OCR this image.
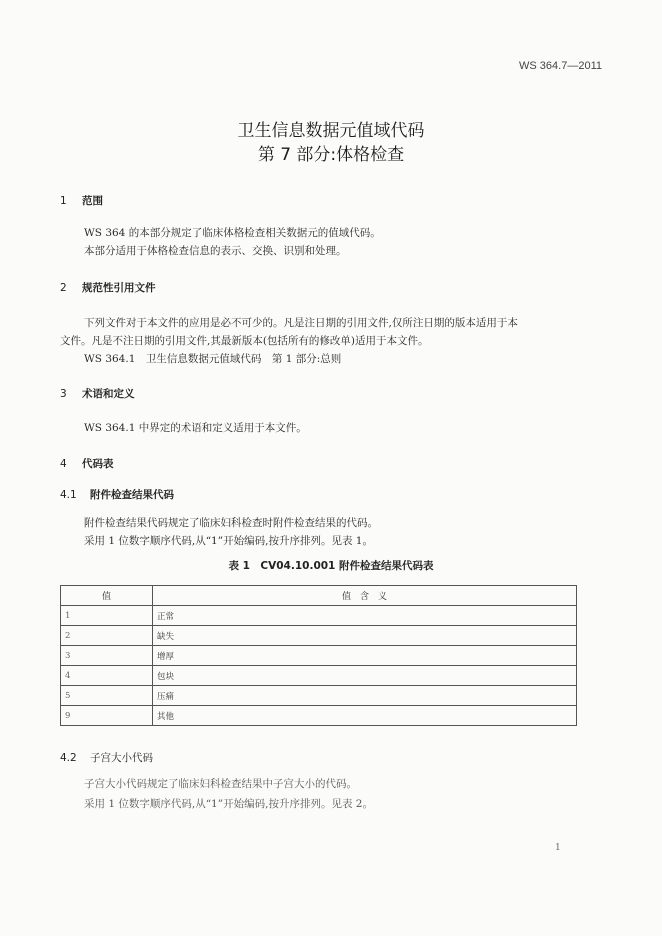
WS 364.7—2011
卫生信息数据元值域代码
第 7 部分:体格检查
1 范围
WS 364 的本部分规定了临床体格检查相关数据元的值域代码。
本部分适用于体格检查信息的表示、交换、识别和处理。
2 规范性引用文件
下列文件对于本文件的应用是必不可少的。凡是注日期的引用文件,仅所注日期的版本适用于本
文件。凡是不注日期的引用文件,其最新版本(包括所有的修改单)适用于本文件。
WS 364.1　卫生信息数据元值域代码　第 1 部分:总则
3 术语和定义
WS 364.1 中界定的术语和定义适用于本文件。
4 代码表
4.1 附件检查结果代码
附件检查结果代码规定了临床妇科检查时附件检查结果的代码。
采用 1 位数字顺序代码,从“1”开始编码,按升序排列。见表 1。
表 1　CV04.10.001 附件检查结果代码表
值	值　含　义
1	正常
2	缺失
3	增厚
4	包块
5	压痛
9	其他
4.2 子宫大小代码
子宫大小代码规定了临床妇科检查结果中子宫大小的代码。
采用 1 位数字顺序代码,从“1”开始编码,按升序排列。见表 2。
1
